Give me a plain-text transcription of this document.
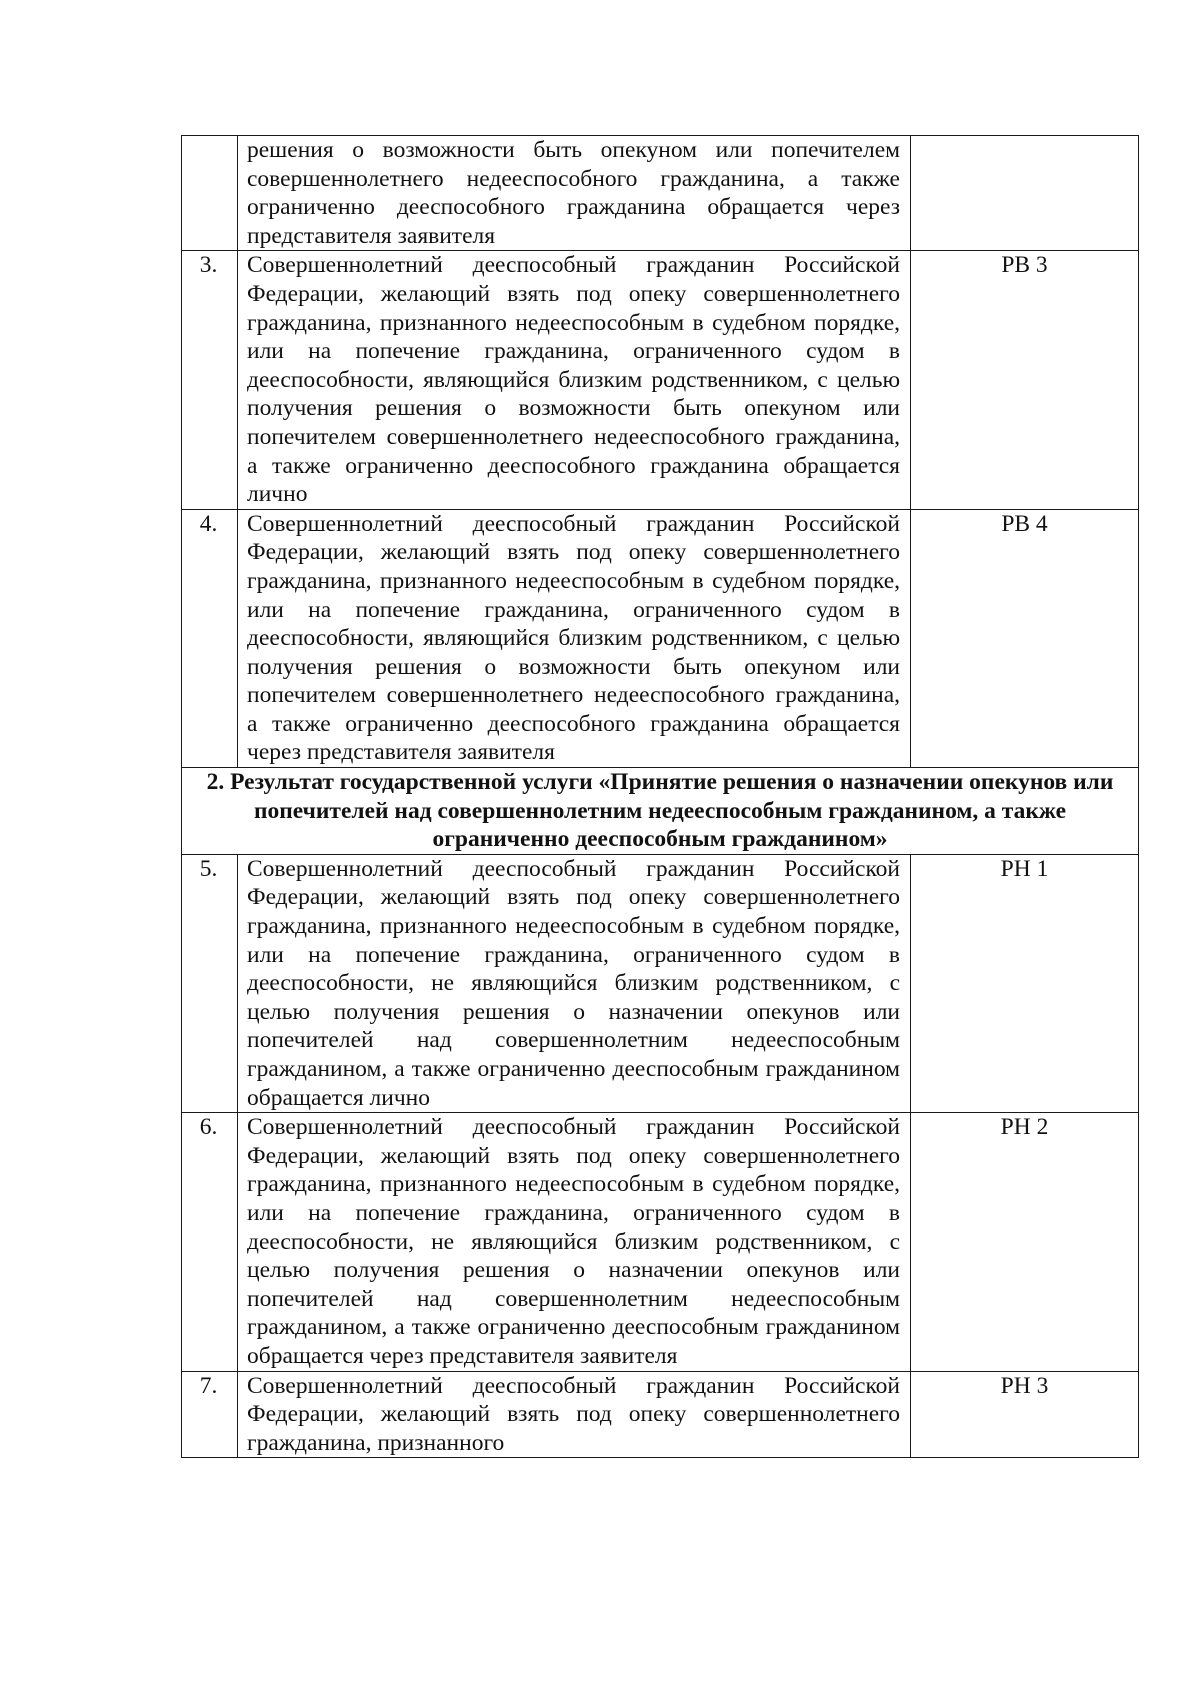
	решения о возможности быть опекуном или попечителем совершеннолетнего недееспособного гражданина, а также ограниченно дееспособного гражданина обращается через представителя заявителя	
3.	Совершеннолетний дееспособный гражданин Российской Федерации, желающий взять под опеку совершеннолетнего гражданина, признанного недееспособным в судебном порядке, или на попечение гражданина, ограниченного судом в дееспособности, являющийся близким родственником, с целью получения решения о возможности быть опекуном или попечителем совершеннолетнего недееспособного гражданина, а также ограниченно дееспособного гражданина обращается лично	РВ 3
4.	Совершеннолетний дееспособный гражданин Российской Федерации, желающий взять под опеку совершеннолетнего гражданина, признанного недееспособным в судебном порядке, или на попечение гражданина, ограниченного судом в дееспособности, являющийся близким родственником, с целью получения решения о возможности быть опекуном или попечителем совершеннолетнего недееспособного гражданина, а также ограниченно дееспособного гражданина обращается через представителя заявителя	РВ 4
2. Результат государственной услуги «Принятие решения о назначении опекунов или попечителей над совершеннолетним недееспособным гражданином, а также ограниченно дееспособным гражданином»		
5.	Совершеннолетний дееспособный гражданин Российской Федерации, желающий взять под опеку совершеннолетнего гражданина, признанного недееспособным в судебном порядке, или на попечение гражданина, ограниченного судом в дееспособности, не являющийся близким родственником, с целью получения решения о назначении опекунов или попечителей над совершеннолетним недееспособным гражданином, а также ограниченно дееспособным гражданином обращается лично	РН 1
6.	Совершеннолетний дееспособный гражданин Российской Федерации, желающий взять под опеку совершеннолетнего гражданина, признанного недееспособным в судебном порядке, или на попечение гражданина, ограниченного судом в дееспособности, не являющийся близким родственником, с целью получения решения о назначении опекунов или попечителей над совершеннолетним недееспособным гражданином, а также ограниченно дееспособным гражданином обращается через представителя заявителя	РН 2
7.	Совершеннолетний дееспособный гражданин Российской Федерации, желающий взять под опеку совершеннолетнего гражданина, признанного	РН 3
